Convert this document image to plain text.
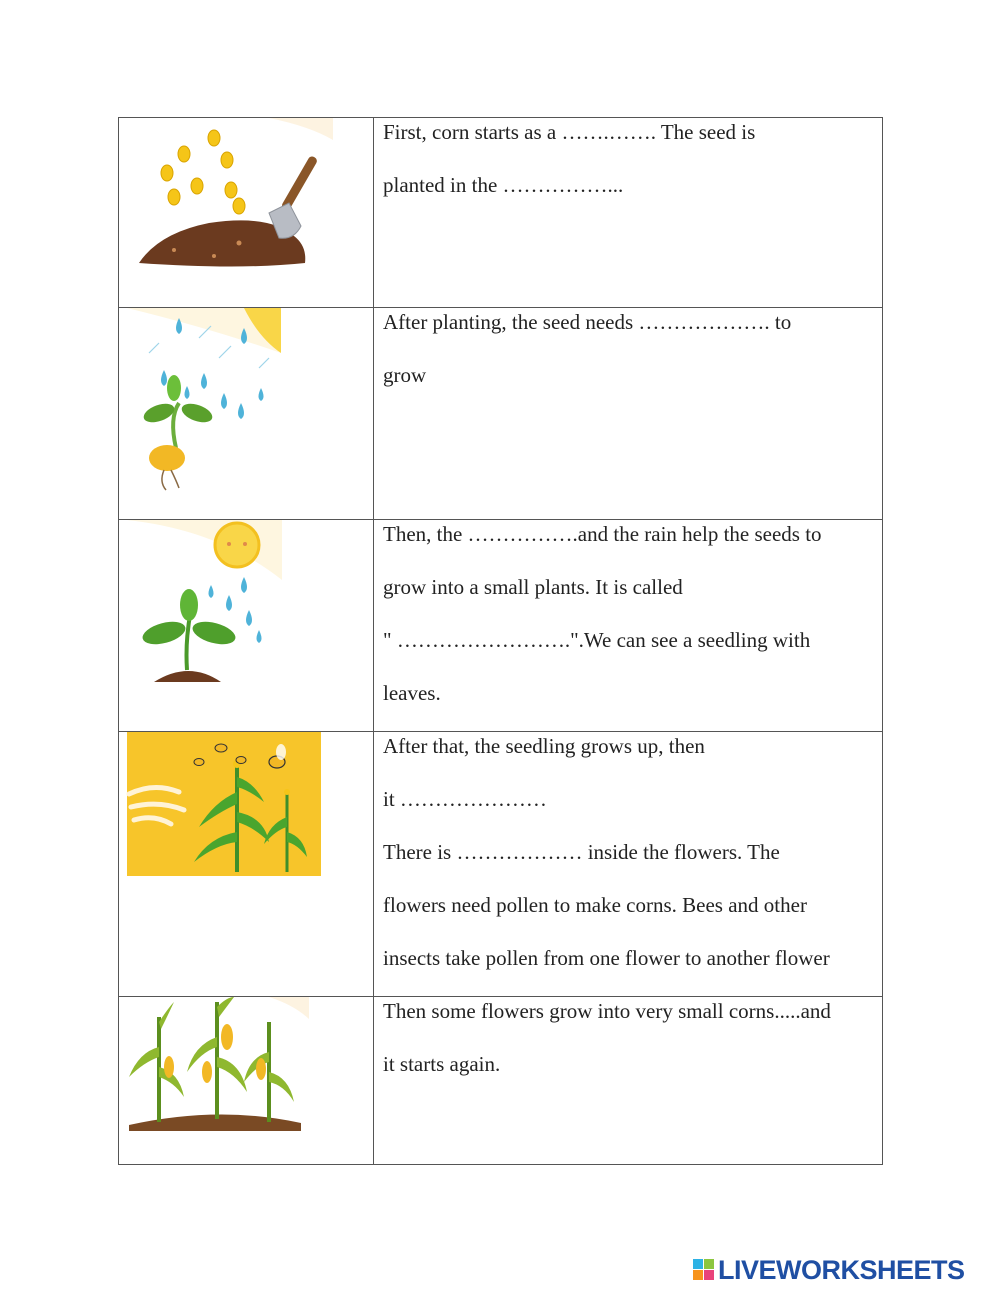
First, corn starts as a …….……. The seed is

planted in the ……………...

After planting, the seed needs ………………. to

grow

Then, the …………….and the rain help the seeds to

grow into a small plants. It is called

" …………………….".We can see a seedling with

leaves.

After that, the seedling grows up, then

it …………………

There is ……………… inside the flowers. The

flowers need pollen to make corns. Bees and other

insects take pollen from one flower to another flower

Then some flowers grow into very small corns.....and

it starts again.

LIVEWORKSHEETS
